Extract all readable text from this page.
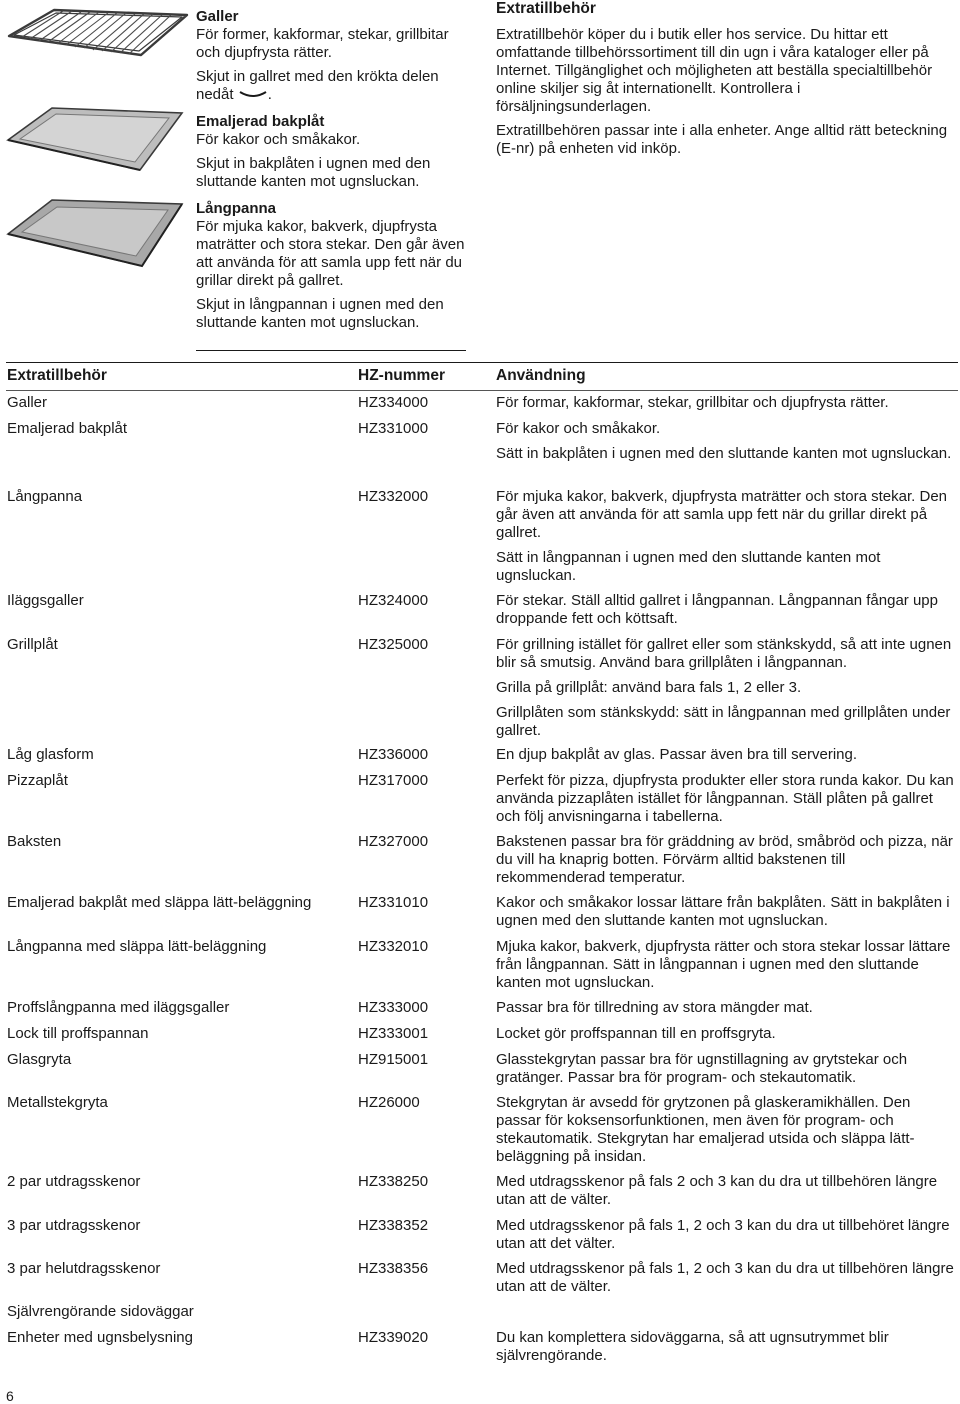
Galler

För former, kakformar, stekar, grillbitar och djupfrysta rätter.

Skjut in gallret med den krökta delen nedåt .

Emaljerad bakplåt

För kakor och småkakor.

Skjut in bakplåten i ugnen med den sluttande kanten mot ugnsluckan.

Långpanna

För mjuka kakor, bakverk, djupfrysta maträtter och stora stekar. Den går även att använda för att samla upp fett när du grillar direkt på gallret.

Skjut in långpannan i ugnen med den sluttande kanten mot ugnsluckan.

Extratillbehör

Extratillbehör köper du i butik eller hos service. Du hittar ett omfattande tillbehörssortiment till din ugn i våra kataloger eller på Internet. Tillgänglighet och möjligheten att beställa specialtillbehör online skiljer sig åt internationellt. Kontrollera i försäljningsunderlagen.

Extratillbehören passar inte i alla enheter. Ange alltid rätt beteckning (E-nr) på enheten vid inköp.

Extratillbehör	HZ-nummer	Användning
Galler	HZ334000	För formar, kakformar, stekar, grillbitar och djupfrysta rätter.

Emaljerad bakplåt	HZ331000	För kakor och småkakor.

Sätt in bakplåten i ugnen med den sluttande kanten mot ugnsluckan.

Långpanna	HZ332000	För mjuka kakor, bakverk, djupfrysta maträtter och stora stekar. Den går även att använda för att samla upp fett när du grillar direkt på gallret.

Sätt in långpannan i ugnen med den sluttande kanten mot ugnsluckan.

Iläggsgaller	HZ324000	För stekar. Ställ alltid gallret i långpannan. Långpannan fångar upp droppande fett och köttsaft.

Grillplåt	HZ325000	För grillning istället för gallret eller som stänkskydd, så att inte ugnen blir så smutsig. Använd bara grillplåten i långpannan.

Grilla på grillplåt: använd bara fals 1, 2 eller 3.

Grillplåten som stänkskydd: sätt in långpannan med grillplåten under gallret.

Låg glasform	HZ336000	En djup bakplåt av glas. Passar även bra till servering.

Pizzaplåt	HZ317000	Perfekt för pizza, djupfrysta produkter eller stora runda kakor. Du kan använda pizzaplåten istället för långpannan. Ställ plåten på gallret och följ anvisningarna i tabellerna.

Baksten	HZ327000	Bakstenen passar bra för gräddning av bröd, småbröd och pizza, när du vill ha knaprig botten. Förvärm alltid bakstenen till rekommenderad temperatur.

Emaljerad bakplåt med släppa lätt-beläggning	HZ331010	Kakor och småkakor lossar lättare från bakplåten. Sätt in bakplåten i ugnen med den sluttande kanten mot ugnsluckan.

Långpanna med släppa lätt-beläggning	HZ332010	Mjuka kakor, bakverk, djupfrysta rätter och stora stekar lossar lättare från långpannan. Sätt in långpannan i ugnen med den sluttande kanten mot ugnsluckan.

Proffslångpanna med iläggsgaller	HZ333000	Passar bra för tillredning av stora mängder mat.

Lock till proffspannan	HZ333001	Locket gör proffspannan till en proffsgryta.

Glasgryta	HZ915001	Glasstekgrytan passar bra för ugnstillagning av grytstekar och gratänger. Passar bra för program- och stekautomatik.

Metallstekgryta	HZ26000	Stekgrytan är avsedd för grytzonen på glaskeramikhällen. Den passar för koksensorfunktionen, men även för program- och stekautomatik. Stekgrytan har emaljerad utsida och släppa lätt-beläggning på insidan.

2 par utdragsskenor	HZ338250	Med utdragsskenor på fals 2 och 3 kan du dra ut tillbehören längre utan att de välter.

3 par utdragsskenor	HZ338352	Med utdragsskenor på fals 1, 2 och 3 kan du dra ut tillbehöret längre utan att det välter.

3 par helutdragsskenor	HZ338356	Med utdragsskenor på fals 1, 2 och 3 kan du dra ut tillbehören längre utan att de välter.

Självrengörande sidoväggar
Enheter med ugnsbelysning	HZ339020	Du kan komplettera sidoväggarna, så att ugnsutrymmet blir självrengörande.

6
